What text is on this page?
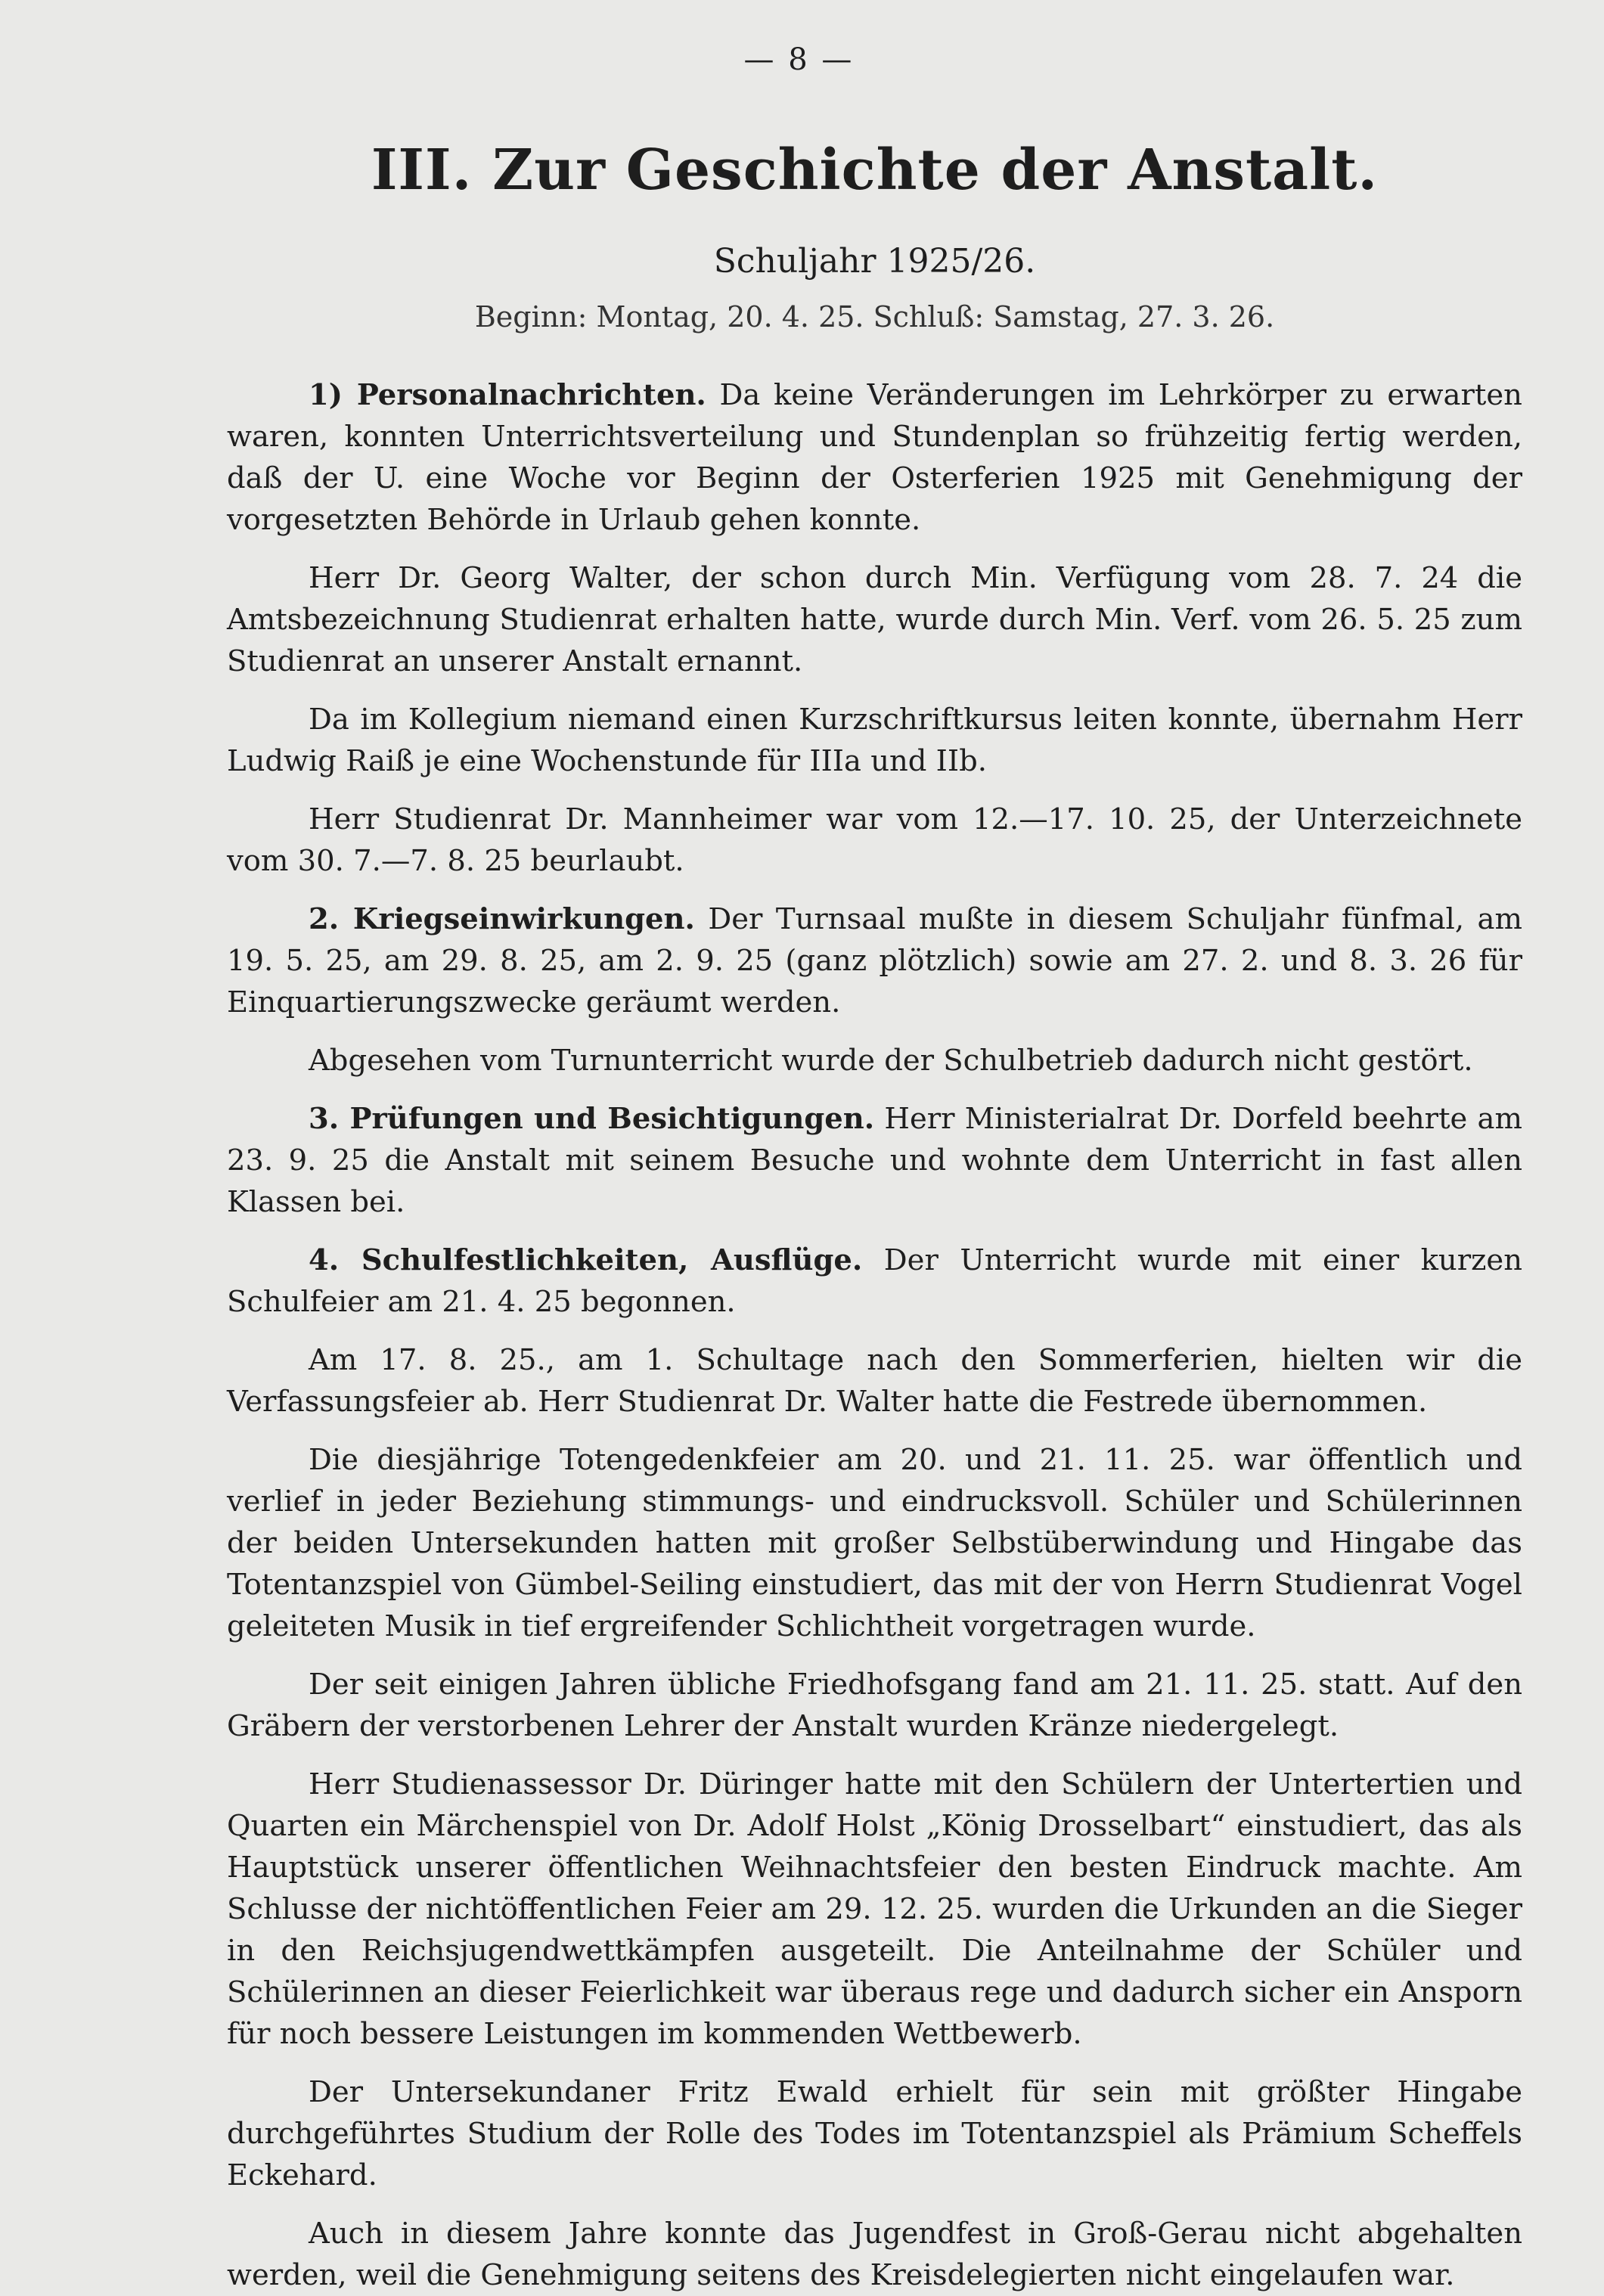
— 8 —
III. Zur Geschichte der Anstalt.
Schuljahr 1925/26.
Beginn: Montag, 20. 4. 25. Schluß: Samstag, 27. 3. 26.

1) Personalnachrichten. Da keine Veränderungen im Lehrkörper zu erwarten waren, konnten Unterrichtsverteilung und Stundenplan so frühzeitig fertig werden, daß der U. eine Woche vor Beginn der Osterferien 1925 mit Genehmigung der vorgesetzten Behörde in Urlaub gehen konnte.

Herr Dr. Georg Walter, der schon durch Min. Verfügung vom 28. 7. 24 die Amtsbezeichnung Studienrat erhalten hatte, wurde durch Min. Verf. vom 26. 5. 25 zum Studienrat an unserer Anstalt ernannt.

Da im Kollegium niemand einen Kurzschriftkursus leiten konnte, übernahm Herr Ludwig Raiß je eine Wochenstunde für IIIa und IIb.

Herr Studienrat Dr. Mannheimer war vom 12.—17. 10. 25, der Unterzeichnete vom 30. 7.—7. 8. 25 beurlaubt.

2. Kriegseinwirkungen. Der Turnsaal mußte in diesem Schuljahr fünfmal, am 19. 5. 25, am 29. 8. 25, am 2. 9. 25 (ganz plötzlich) sowie am 27. 2. und 8. 3. 26 für Einquartierungszwecke geräumt werden.

Abgesehen vom Turnunterricht wurde der Schulbetrieb dadurch nicht gestört.

3. Prüfungen und Besichtigungen. Herr Ministerialrat Dr. Dorfeld beehrte am 23. 9. 25 die Anstalt mit seinem Besuche und wohnte dem Unterricht in fast allen Klassen bei.

4. Schulfestlichkeiten, Ausflüge. Der Unterricht wurde mit einer kurzen Schulfeier am 21. 4. 25 begonnen.

Am 17. 8. 25., am 1. Schultage nach den Sommerferien, hielten wir die Verfassungsfeier ab. Herr Studienrat Dr. Walter hatte die Festrede übernommen.

Die diesjährige Totengedenkfeier am 20. und 21. 11. 25. war öffentlich und verlief in jeder Beziehung stimmungs- und eindrucksvoll. Schüler und Schülerinnen der beiden Untersekunden hatten mit großer Selbstüberwindung und Hingabe das Totentanzspiel von Gümbel-Seiling einstudiert, das mit der von Herrn Studienrat Vogel geleiteten Musik in tief ergreifender Schlichtheit vorgetragen wurde.

Der seit einigen Jahren übliche Friedhofsgang fand am 21. 11. 25. statt. Auf den Gräbern der verstorbenen Lehrer der Anstalt wurden Kränze niedergelegt.

Herr Studienassessor Dr. Düringer hatte mit den Schülern der Untertertien und Quarten ein Märchenspiel von Dr. Adolf Holst „König Drosselbart“ einstudiert, das als Hauptstück unserer öffentlichen Weihnachtsfeier den besten Eindruck machte. Am Schlusse der nichtöffentlichen Feier am 29. 12. 25. wurden die Urkunden an die Sieger in den Reichsjugendwettkämpfen ausgeteilt. Die Anteilnahme der Schüler und Schülerinnen an dieser Feierlichkeit war überaus rege und dadurch sicher ein Ansporn für noch bessere Leistungen im kommenden Wettbewerb.

Der Untersekundaner Fritz Ewald erhielt für sein mit größter Hingabe durchgeführtes Studium der Rolle des Todes im Totentanzspiel als Prämium Scheffels Eckehard.

Auch in diesem Jahre konnte das Jugendfest in Groß-Gerau nicht abgehalten werden, weil die Genehmigung seitens des Kreisdelegierten nicht eingelaufen war.
